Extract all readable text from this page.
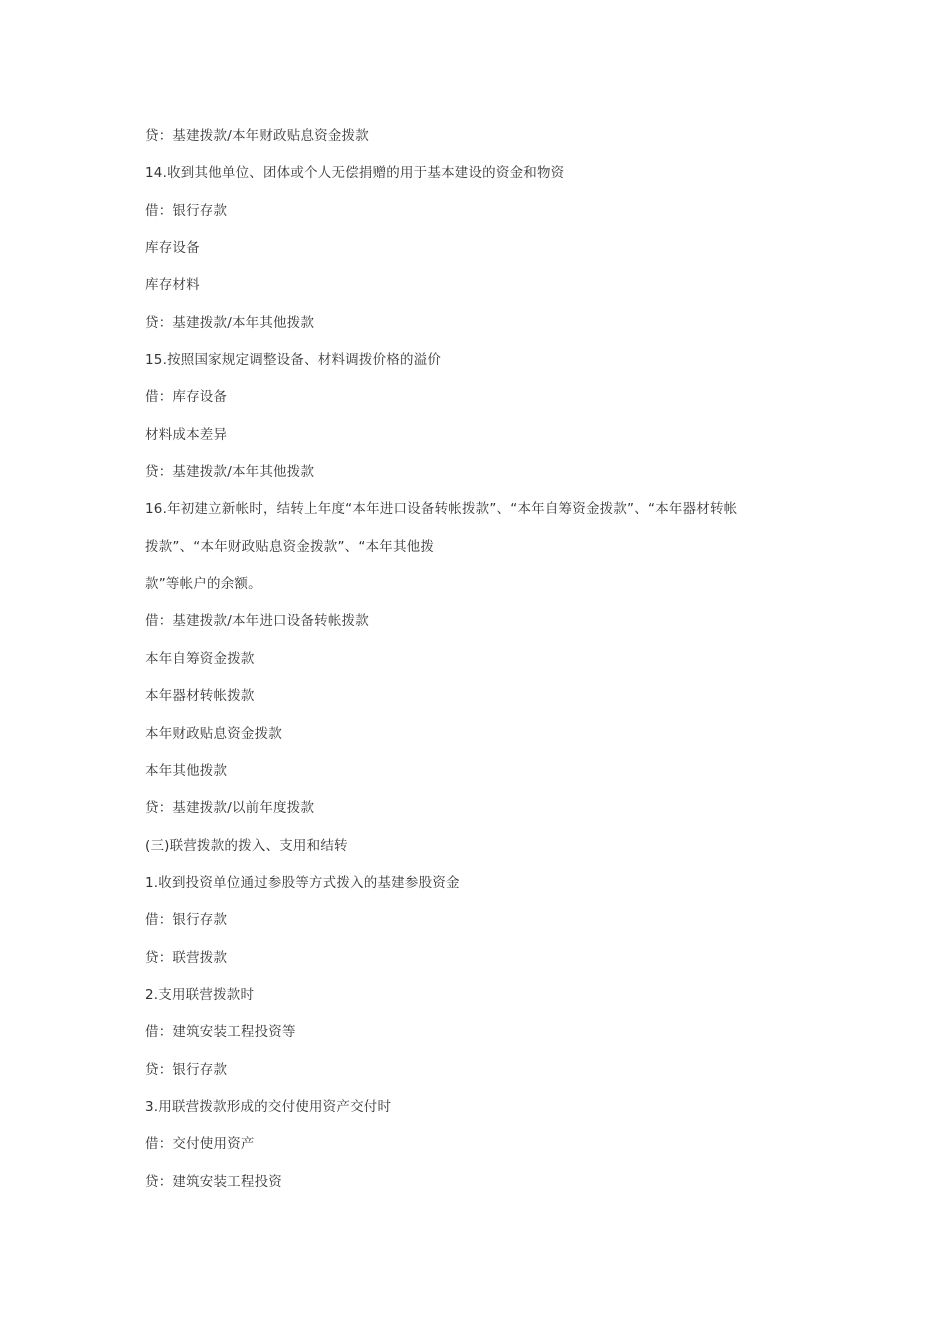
贷：基建拨款/本年财政贴息资金拨款
14.收到其他单位、团体或个人无偿捐赠的用于基本建设的资金和物资
借：银行存款
库存设备
库存材料
贷：基建拨款/本年其他拨款
15.按照国家规定调整设备、材料调拨价格的溢价
借：库存设备
材料成本差异
贷：基建拨款/本年其他拨款
16.年初建立新帐时，结转上年度“本年进口设备转帐拨款”、“本年自筹资金拨款”、“本年器材转帐
拨款”、“本年财政贴息资金拨款”、“本年其他拨
款”等帐户的余额。
借：基建拨款/本年进口设备转帐拨款
本年自筹资金拨款
本年器材转帐拨款
本年财政贴息资金拨款
本年其他拨款
贷：基建拨款/以前年度拨款
(三)联营拨款的拨入、支用和结转
1.收到投资单位通过参股等方式拨入的基建参股资金
借：银行存款
贷：联营拨款
2.支用联营拨款时
借：建筑安装工程投资等
贷：银行存款
3.用联营拨款形成的交付使用资产交付时
借：交付使用资产
贷：建筑安装工程投资
